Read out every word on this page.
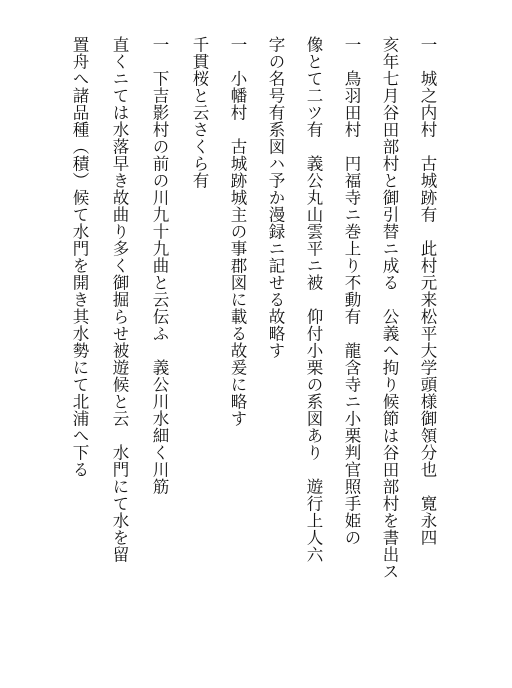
一　城之内村　古城跡有　此村元来松平大学頭様御領分也　寛永四
亥年七月谷田部村と御引替ニ成る　公義へ拘り候節は谷田部村を書出ス
一　鳥羽田村　円福寺ニ巻上り不動有　龍含寺ニ小栗判官照手姫の
像とて二ツ有　義公丸山雲平ニ被　仰付小栗の系図あり　遊行上人六
字の名号有系図ハ予か漫録ニ記せる故略す
一　小幡村　古城跡城主の事郡図に載る故爰に略す
千貫桜と云さくら有
一　下吉影村の前の川九十九曲と云伝ふ　義公川水細く川筋
直くニては水落早き故曲り多く御掘らせ被遊候と云　水門にて水を留
置舟へ諸品種（積）候て水門を開き其水勢にて北浦へ下る
